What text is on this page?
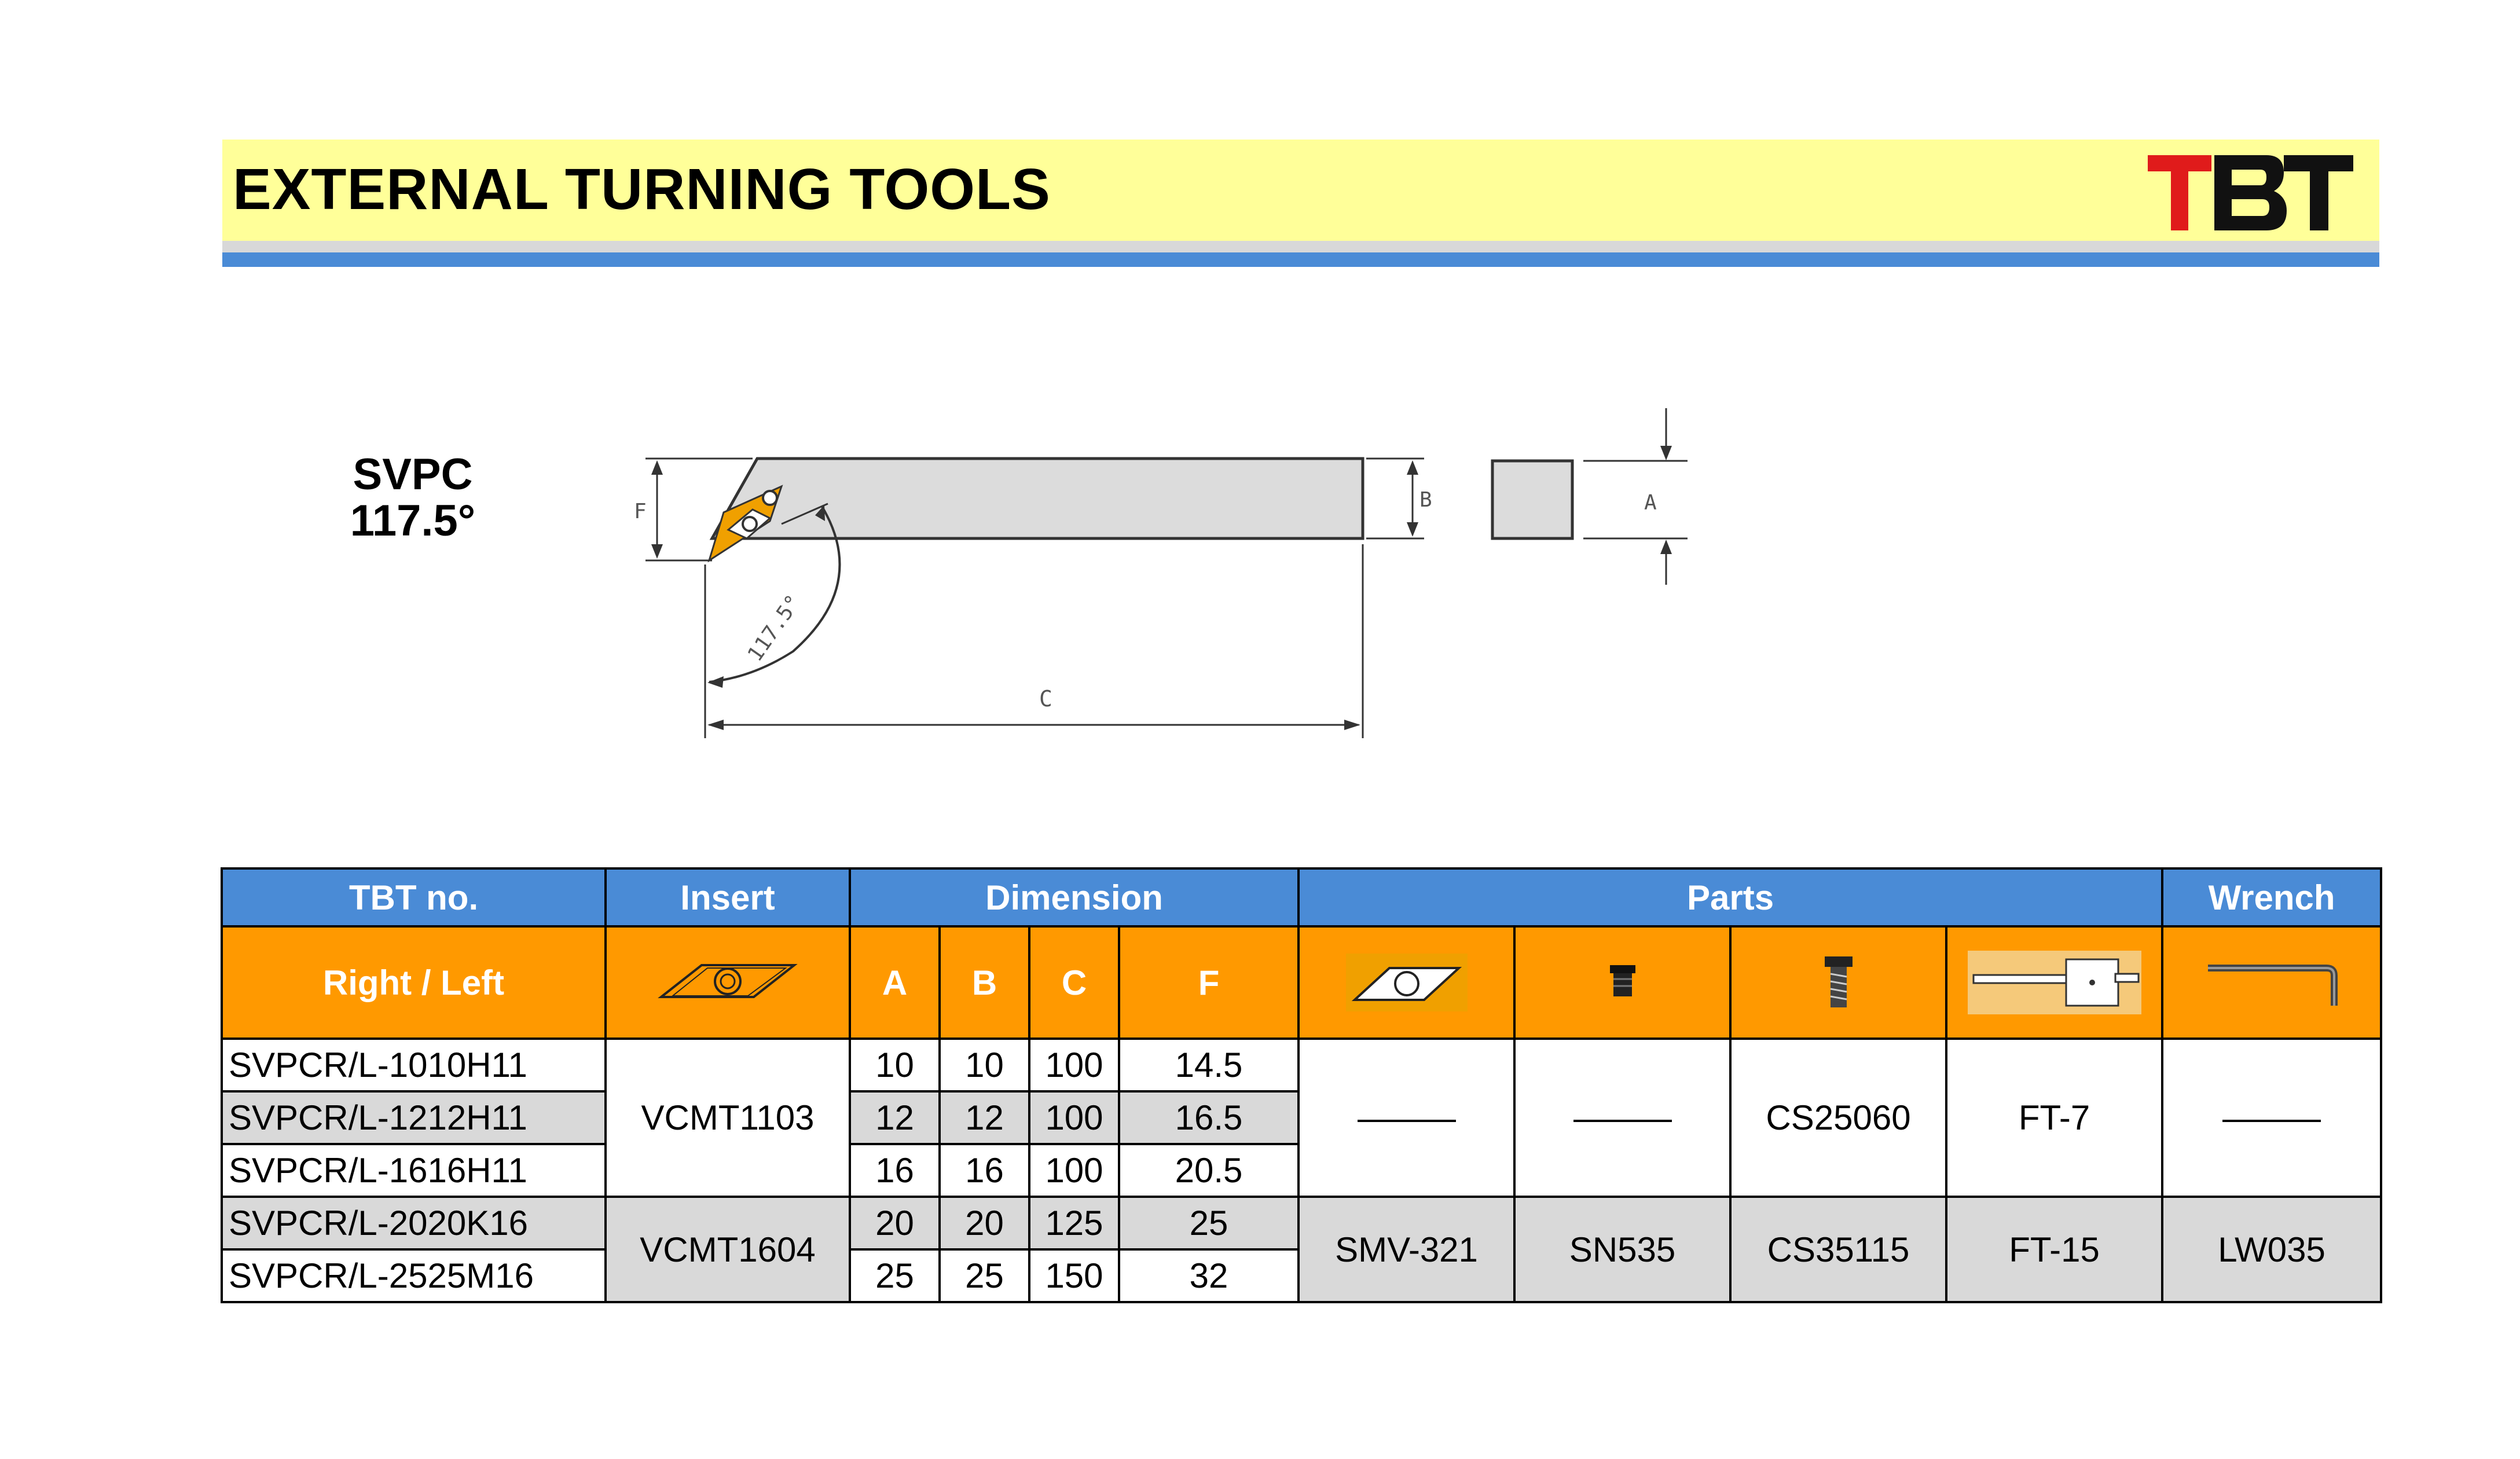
EXTERNAL TURNING TOOLS
SVPC
117.5°	F	B	A
C
117.5°
TBT no.	Insert	Dimension				Parts				Wrench
Right / Left		A	B	C	F	

SVPCR/L-1010H11	VCMT1103	10	10	100	14.5			CS25060	FT-7	
SVPCR/L-1212H11		12	12	100	16.5					
SVPCR/L-1616H11		16	16	100	20.5					
SVPCR/L-2020K16	VCMT1604	20	20	125	25	SMV-321	SN535	CS35115	FT-15	LW035
SVPCR/L-2525M16		25	25	150	32					
